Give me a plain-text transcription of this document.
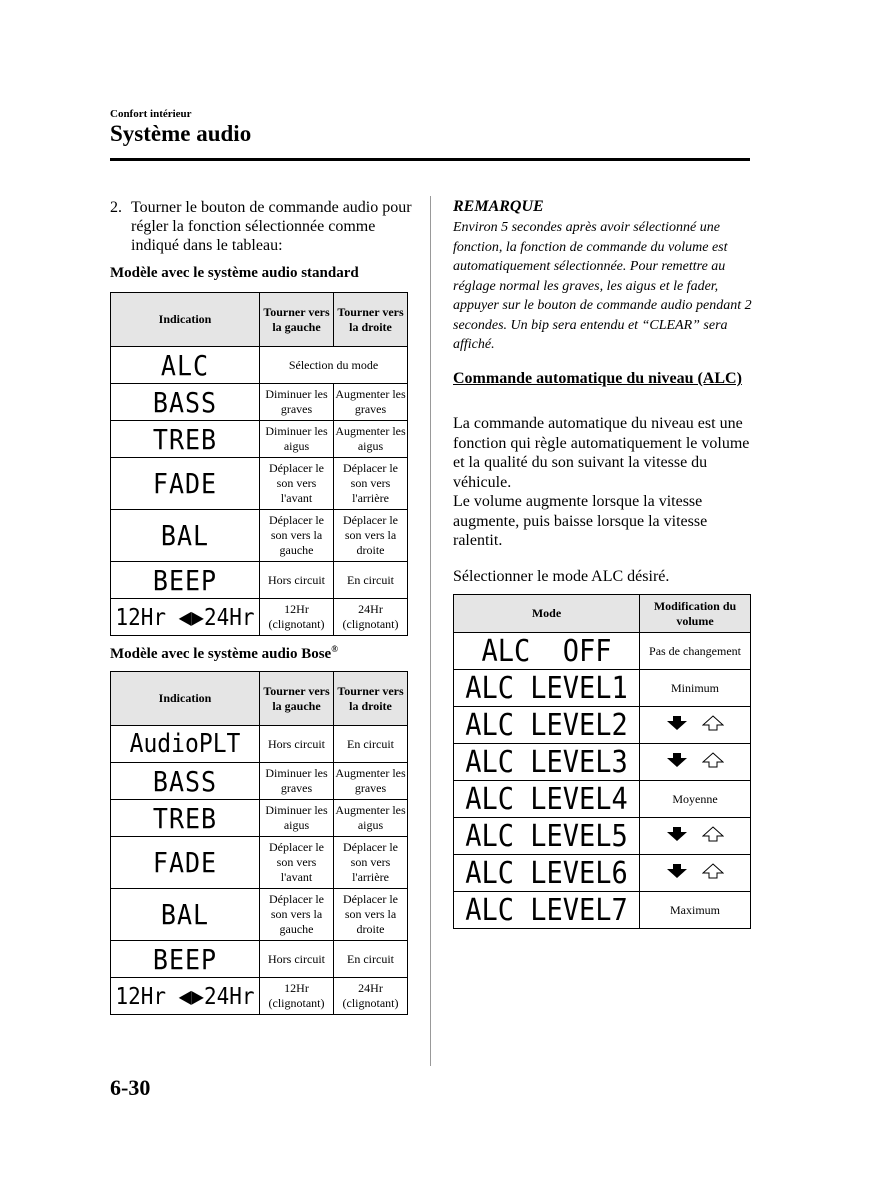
Confort intérieur
Système audio
2. Tourner le bouton de commande audio pour régler la fonction sélectionnée comme indiqué dans le tableau:
Modèle avec le système audio standard
Indication	Tourner vers la gauche	Tourner vers la droite
ALC	Sélection du mode	
BASS	Diminuer les graves	Augmenter les graves
TREB	Diminuer les aigus	Augmenter les aigus
FADE	Déplacer le son vers l'avant	Déplacer le son vers l'arrière
BAL	Déplacer le son vers la gauche	Déplacer le son vers la droite
BEEP	Hors circuit	En circuit
12Hr ◀▶24Hr	12Hr (clignotant)	24Hr (clignotant)
Modèle avec le système audio Bose®
Indication	Tourner vers la gauche	Tourner vers la droite
AudioPLT	Hors circuit	En circuit
BASS	Diminuer les graves	Augmenter les graves
TREB	Diminuer les aigus	Augmenter les aigus
FADE	Déplacer le son vers l'avant	Déplacer le son vers l'arrière
BAL	Déplacer le son vers la gauche	Déplacer le son vers la droite
BEEP	Hors circuit	En circuit
12Hr ◀▶24Hr	12Hr (clignotant)	24Hr (clignotant)
REMARQUE
Environ 5 secondes après avoir sélectionné une fonction, la fonction de commande du volume est automatiquement sélectionnée. Pour remettre au réglage normal les graves, les aigus et le fader, appuyer sur le bouton de commande audio pendant 2 secondes. Un bip sera entendu et “CLEAR” sera affiché.
Commande automatique du niveau (ALC)
La commande automatique du niveau est une fonction qui règle automatiquement le volume et la qualité du son suivant la vitesse du véhicule.
Le volume augmente lorsque la vitesse augmente, puis baisse lorsque la vitesse ralentit.
Sélectionner le mode ALC désiré.
Mode	Modification du volume
ALC  OFF	Pas de changement
ALC LEVEL1	Minimum
ALC LEVEL2	

ALC LEVEL3	

ALC LEVEL4	Moyenne
ALC LEVEL5	

ALC LEVEL6	

ALC LEVEL7	Maximum
6-30
